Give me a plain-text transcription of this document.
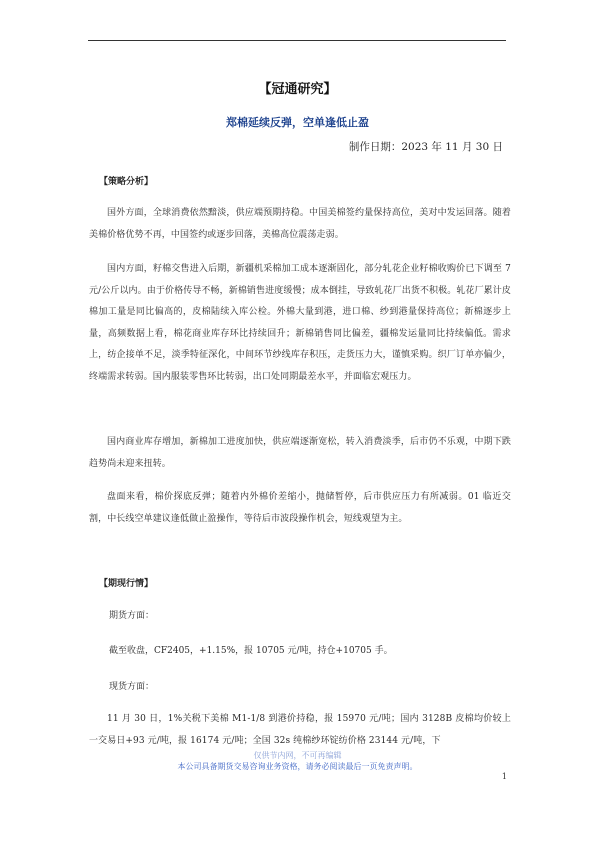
【冠通研究】
郑棉延续反弹，空单逢低止盈
制作日期：2023 年 11 月 30 日
【策略分析】
国外方面，全球消费依然黯淡，供应端预期持稳。中国美棉签约量保持高位，美对中发运回落。随着美棉价格优势不再，中国签约或逐步回落，美棉高位震荡走弱。
国内方面，籽棉交售进入后期，新疆机采棉加工成本逐渐固化，部分轧花企业籽棉收购价已下调至 7 元/公斤以内。由于价格传导不畅，新棉销售进度缓慢；成本倒挂，导致轧花厂出货不积极。轧花厂累计皮棉加工量是同比偏高的，皮棉陆续入库公检。外棉大量到港，进口棉、纱到港量保持高位；新棉逐步上量，高频数据上看，棉花商业库存环比持续回升；新棉销售同比偏差，疆棉发运量同比持续偏低。需求上，纺企接单不足，淡季特征深化，中间环节纱线库存积压，走货压力大，谨慎采购。织厂订单亦偏少，终端需求转弱。国内服装零售环比转弱，出口处同期最差水平，并面临宏观压力。
国内商业库存增加，新棉加工进度加快，供应端逐渐宽松，转入消费淡季，后市仍不乐观，中期下跌趋势尚未迎来扭转。
盘面来看，棉价探底反弹；随着内外棉价差缩小，抛储暂停，后市供应压力有所减弱。01 临近交割，中长线空单建议逢低做止盈操作，等待后市波段操作机会，短线观望为主。
【期现行情】
期货方面：
截至收盘，CF2405，+1.15%，报 10705 元/吨，持仓+10705 手。
现货方面：
11 月 30 日，1%关税下美棉 M1-1/8 到港价持稳，报 15970 元/吨；国内 3128B 皮棉均价较上一交易日+93 元/吨，报 16174 元/吨；全国 32s 纯棉纱环锭纺价格 23144 元/吨，下
仅供节内网，不可再编辑
本公司具备期货交易咨询业务资格，请务必阅读最后一页免责声明。
1
